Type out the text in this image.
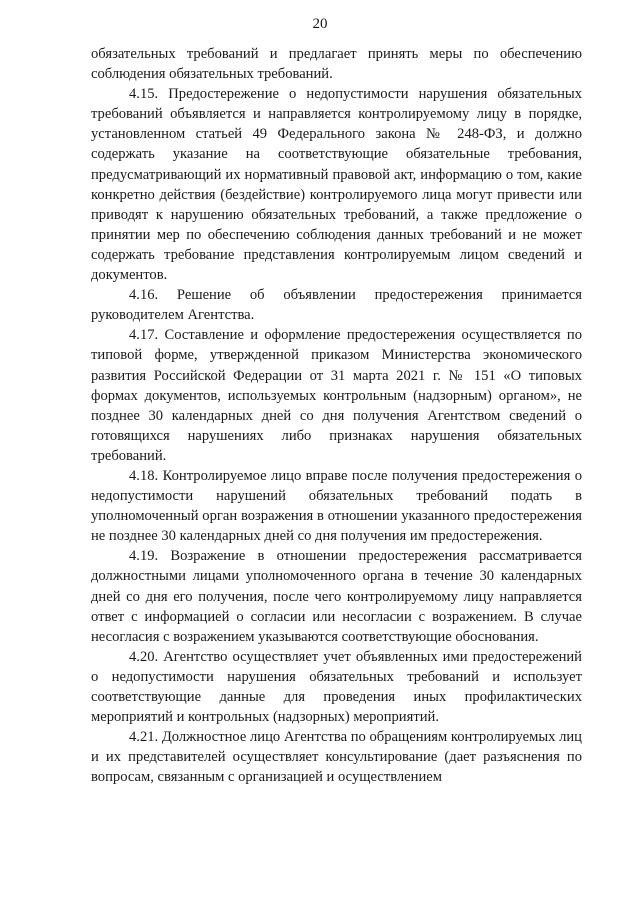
20

обязательных требований и предлагает принять меры по обеспечению соблюдения обязательных требований.

4.15. Предостережение о недопустимости нарушения обязательных требований объявляется и направляется контролируемому лицу в порядке, установленном статьей 49 Федерального закона № 248-ФЗ, и должно содержать указание на соответствующие обязательные требования, предусматривающий их нормативный правовой акт, информацию о том, какие конкретно действия (бездействие) контролируемого лица могут привести или приводят к нарушению обязательных требований, а также предложение о принятии мер по обеспечению соблюдения данных требований и не может содержать требование представления контролируемым лицом сведений и документов.

4.16. Решение об объявлении предостережения принимается руководителем Агентства.

4.17. Составление и оформление предостережения осуществляется по типовой форме, утвержденной приказом Министерства экономического развития Российской Федерации от 31 марта 2021 г. № 151 «О типовых формах документов, используемых контрольным (надзорным) органом», не позднее 30 календарных дней со дня получения Агентством сведений о готовящихся нарушениях либо признаках нарушения обязательных требований.

4.18. Контролируемое лицо вправе после получения предостережения о недопустимости нарушений обязательных требований подать в уполномоченный орган возражения в отношении указанного предостережения не позднее 30 календарных дней со дня получения им предостережения.

4.19. Возражение в отношении предостережения рассматривается должностными лицами уполномоченного органа в течение 30 календарных дней со дня его получения, после чего контролируемому лицу направляется ответ с информацией о согласии или несогласии с возражением. В случае несогласия с возражением указываются соответствующие обоснования.

4.20. Агентство осуществляет учет объявленных ими предостережений о недопустимости нарушения обязательных требований и использует соответствующие данные для проведения иных профилактических мероприятий и контрольных (надзорных) мероприятий.

4.21. Должностное лицо Агентства по обращениям контролируемых лиц и их представителей осуществляет консультирование (дает разъяснения по вопросам, связанным с организацией и осуществлением
